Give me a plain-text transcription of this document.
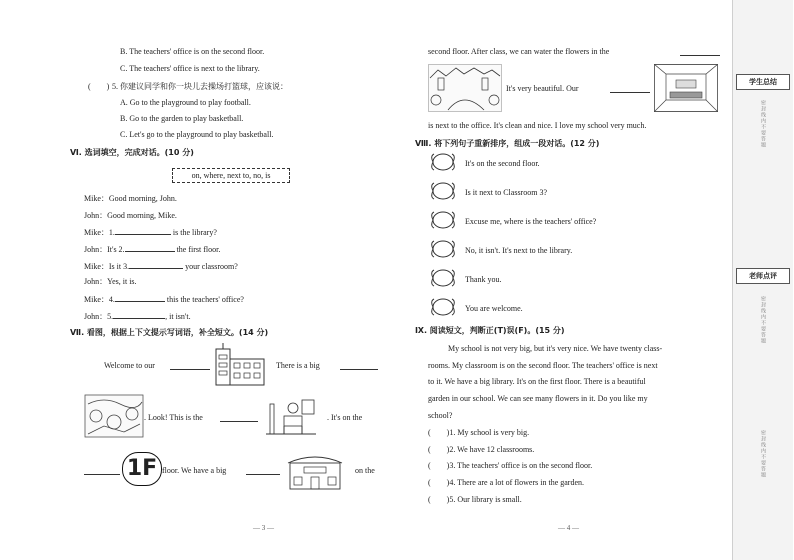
B. The teachers' office is on the second floor.
C. The teachers' office is next to the library.
(　　) 5. 你建议同学和你一块儿去操场打篮球，应该说：
A. Go to the playground to play football.
B. Go to the garden to play basketball.
C. Let's go to the playground to play basketball.
Ⅵ. 选词填空，完成对话。(10 分)
on, where, next to, no, is
Mike：Good morning, John.
John：Good morning, Mike.
Mike：1.	is the library?
John：It's 2.	the first floor.
Mike：Is it 3.	your classroom?
John：Yes, it is.
Mike：4.	this the teachers' office?
John：5.	, it isn't.
Ⅶ. 看图，根据上下文提示写词语，补全短文。(14 分)
Welcome to our	There is a big
. Look! This is the	. It's on the
1F floor. We have a big	on the
— 3 —
second floor. After class, we can water the flowers in the
It's very beautiful. Our
is next to the office. It's clean and nice. I love my school very much.
Ⅷ. 将下列句子重新排序，组成一段对话。(12 分)
It's on the second floor.
Is it next to Classroom 3?
Excuse me, where is the teachers' office?
No, it isn't. It's next to the library.
Thank you.
You are welcome.
Ⅸ. 阅读短文，判断正(T)误(F)。(15 分)
My school is not very big, but it's very nice. We have twenty class-
rooms. My classroom is on the second floor. The teachers' office is next
to it. We have a big library. It's on the first floor. There is a beautiful
garden in our school. We can see many flowers in it. Do you like my
school?
(　　)1. My school is very big.
(　　)2. We have 12 classrooms.
(　　)3. The teachers' office is on the second floor.
(　　)4. There are a lot of flowers in the garden.
(　　)5. Our library is small.
— 4 —
学生总结
密封线内不要答题
老师点评
密封线内不要答题
密封线内不要答题
